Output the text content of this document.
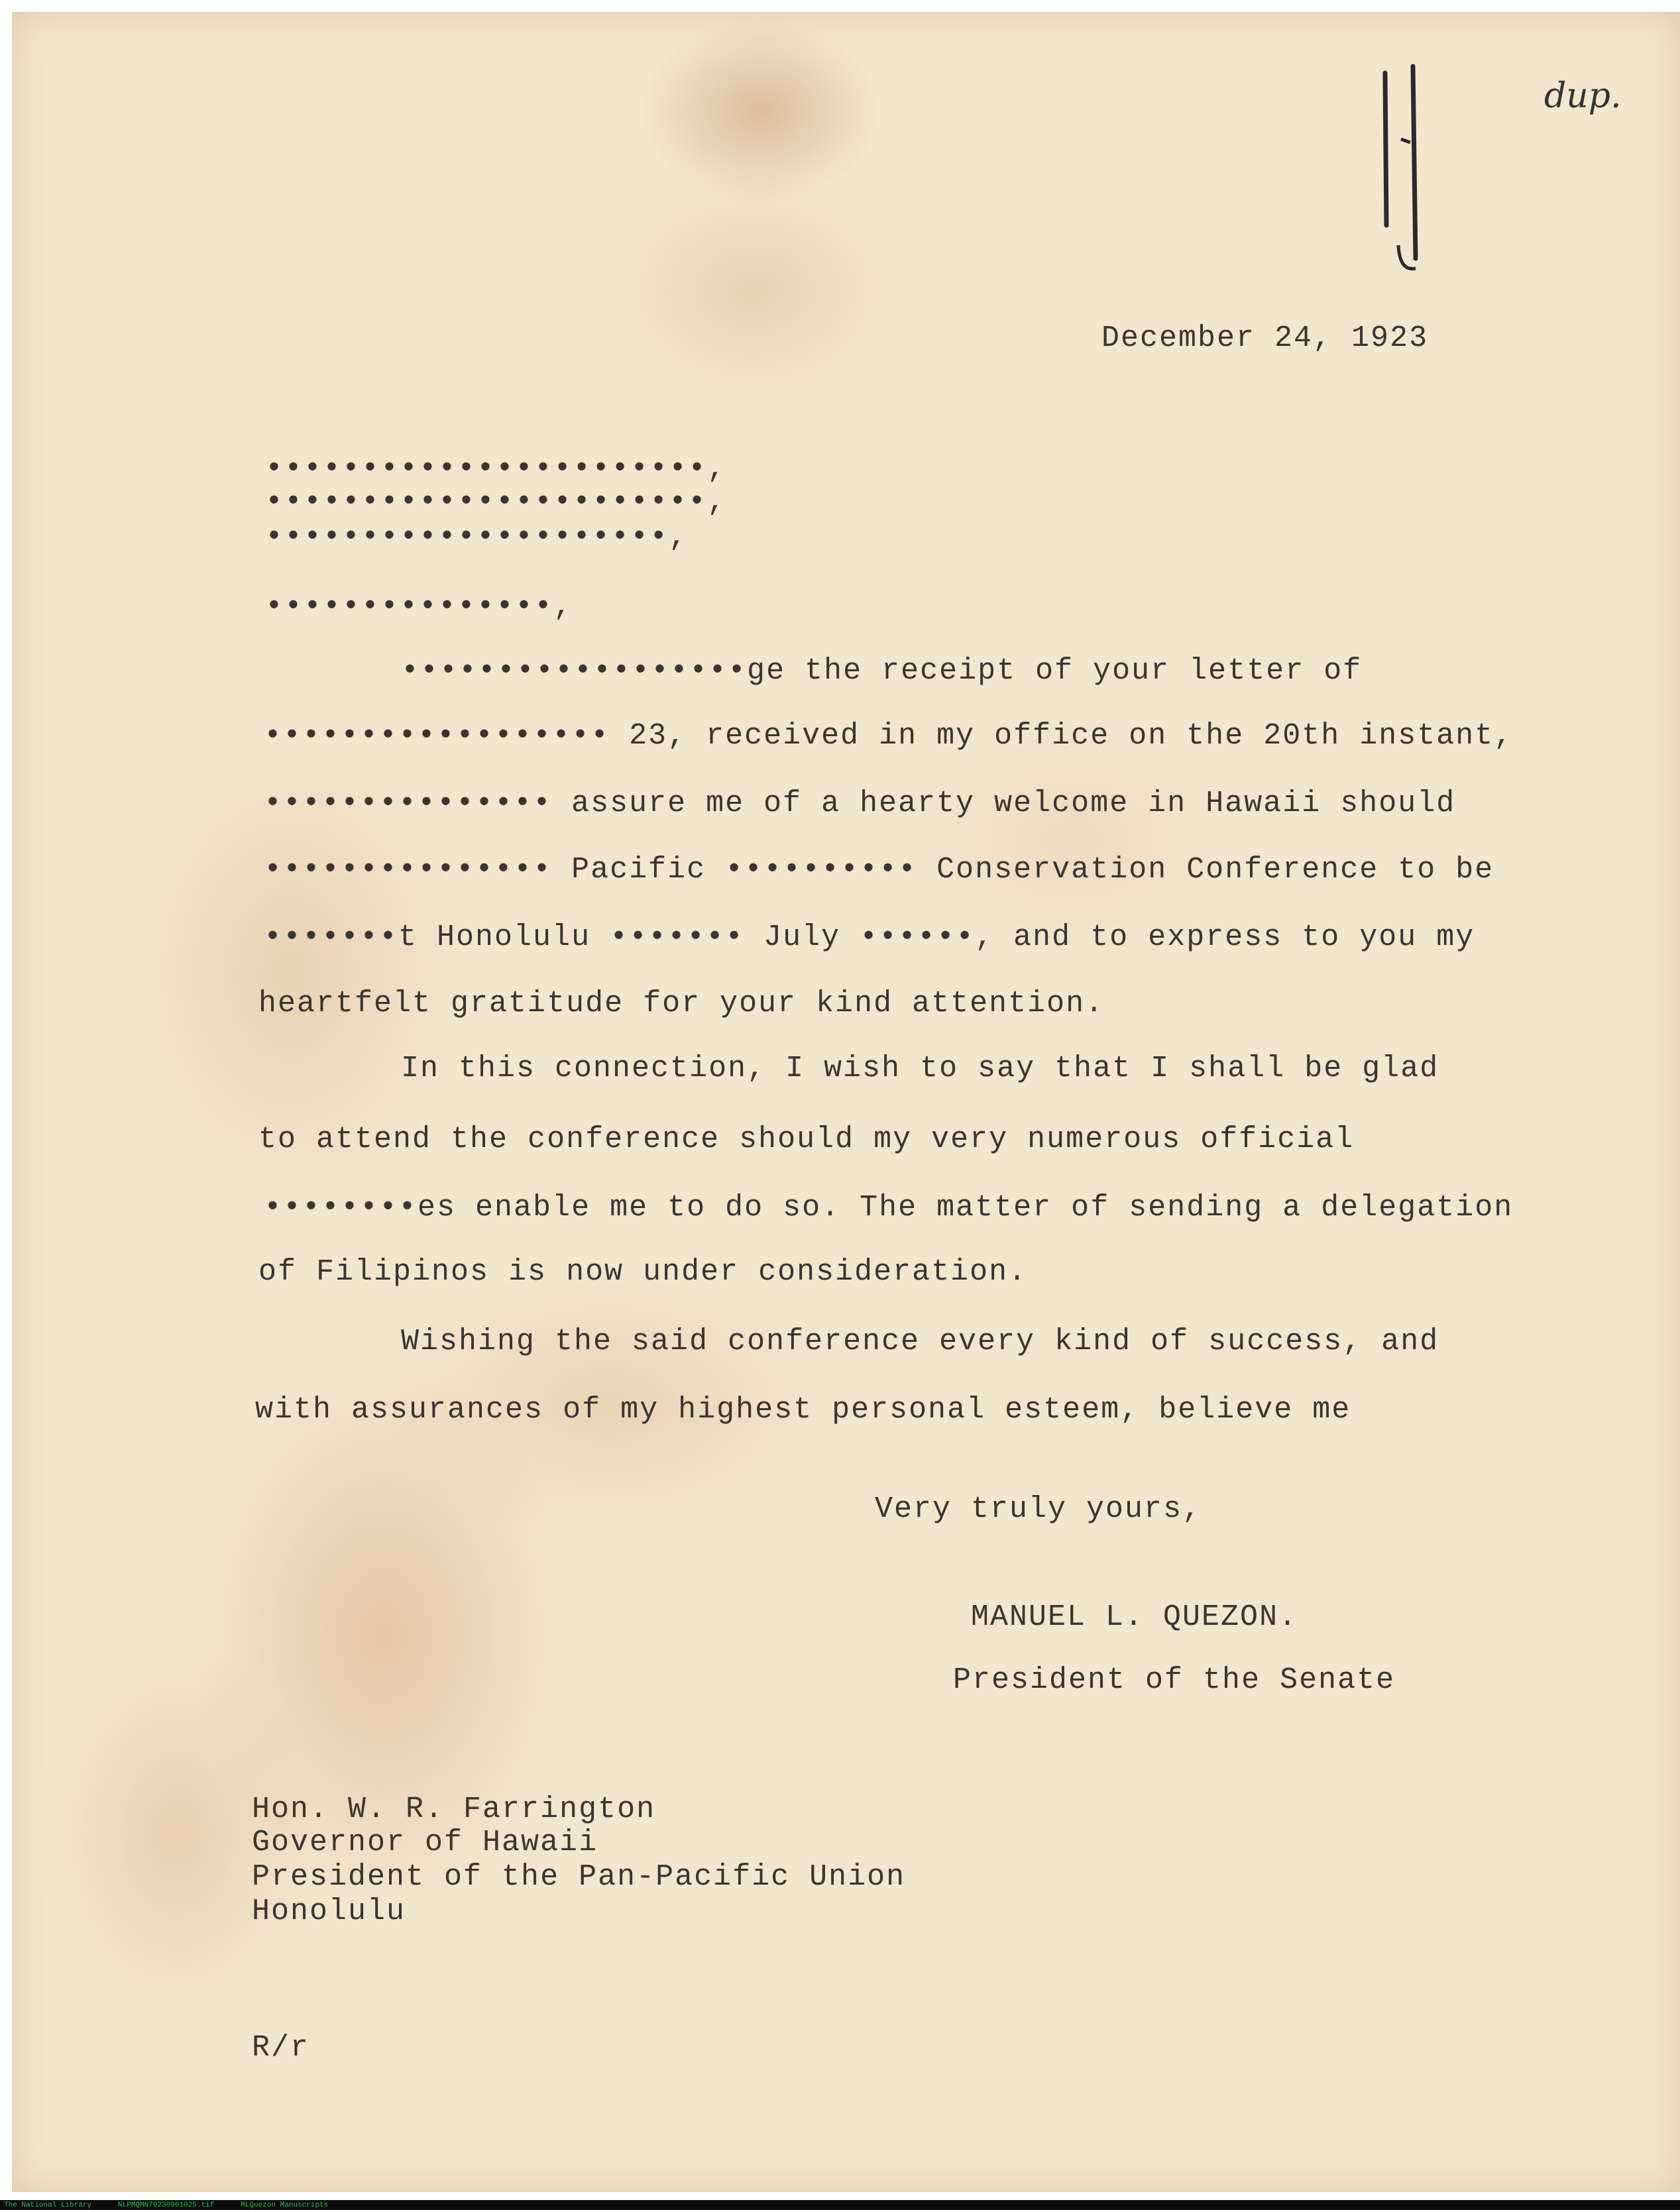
dup.

December 24, 1923

•••••••••••••••••••••••,

•••••••••••••••••••••••,

•••••••••••••••••••••,

•••••••••••••••,

••••••••••••••••••ge the receipt of your letter of

•••••••••••••••••• 23, received in my office on the 20th instant,

••••••••••••••• assure me of a hearty welcome in Hawaii should

••••••••••••••• Pacific •••••••••• Conservation Conference to be

•••••••t Honolulu ••••••• July ••••••, and to express to you my

heartfelt gratitude for your kind attention.

In this connection, I wish to say that I shall be glad

to attend the conference should my very numerous official

••••••••es enable me to do so. The matter of sending a delegation

of Filipinos is now under consideration.

Wishing the said conference every kind of success, and

with assurances of my highest personal esteem, believe me

Very truly yours,

MANUEL L. QUEZON.

President of the Senate

Hon. W. R. Farrington

Governor of Hawaii

President of the Pan-Pacific Union

Honolulu

R/r

The National Library	NLPMQMN70230901025.tif	MLQuezon Manuscripts
